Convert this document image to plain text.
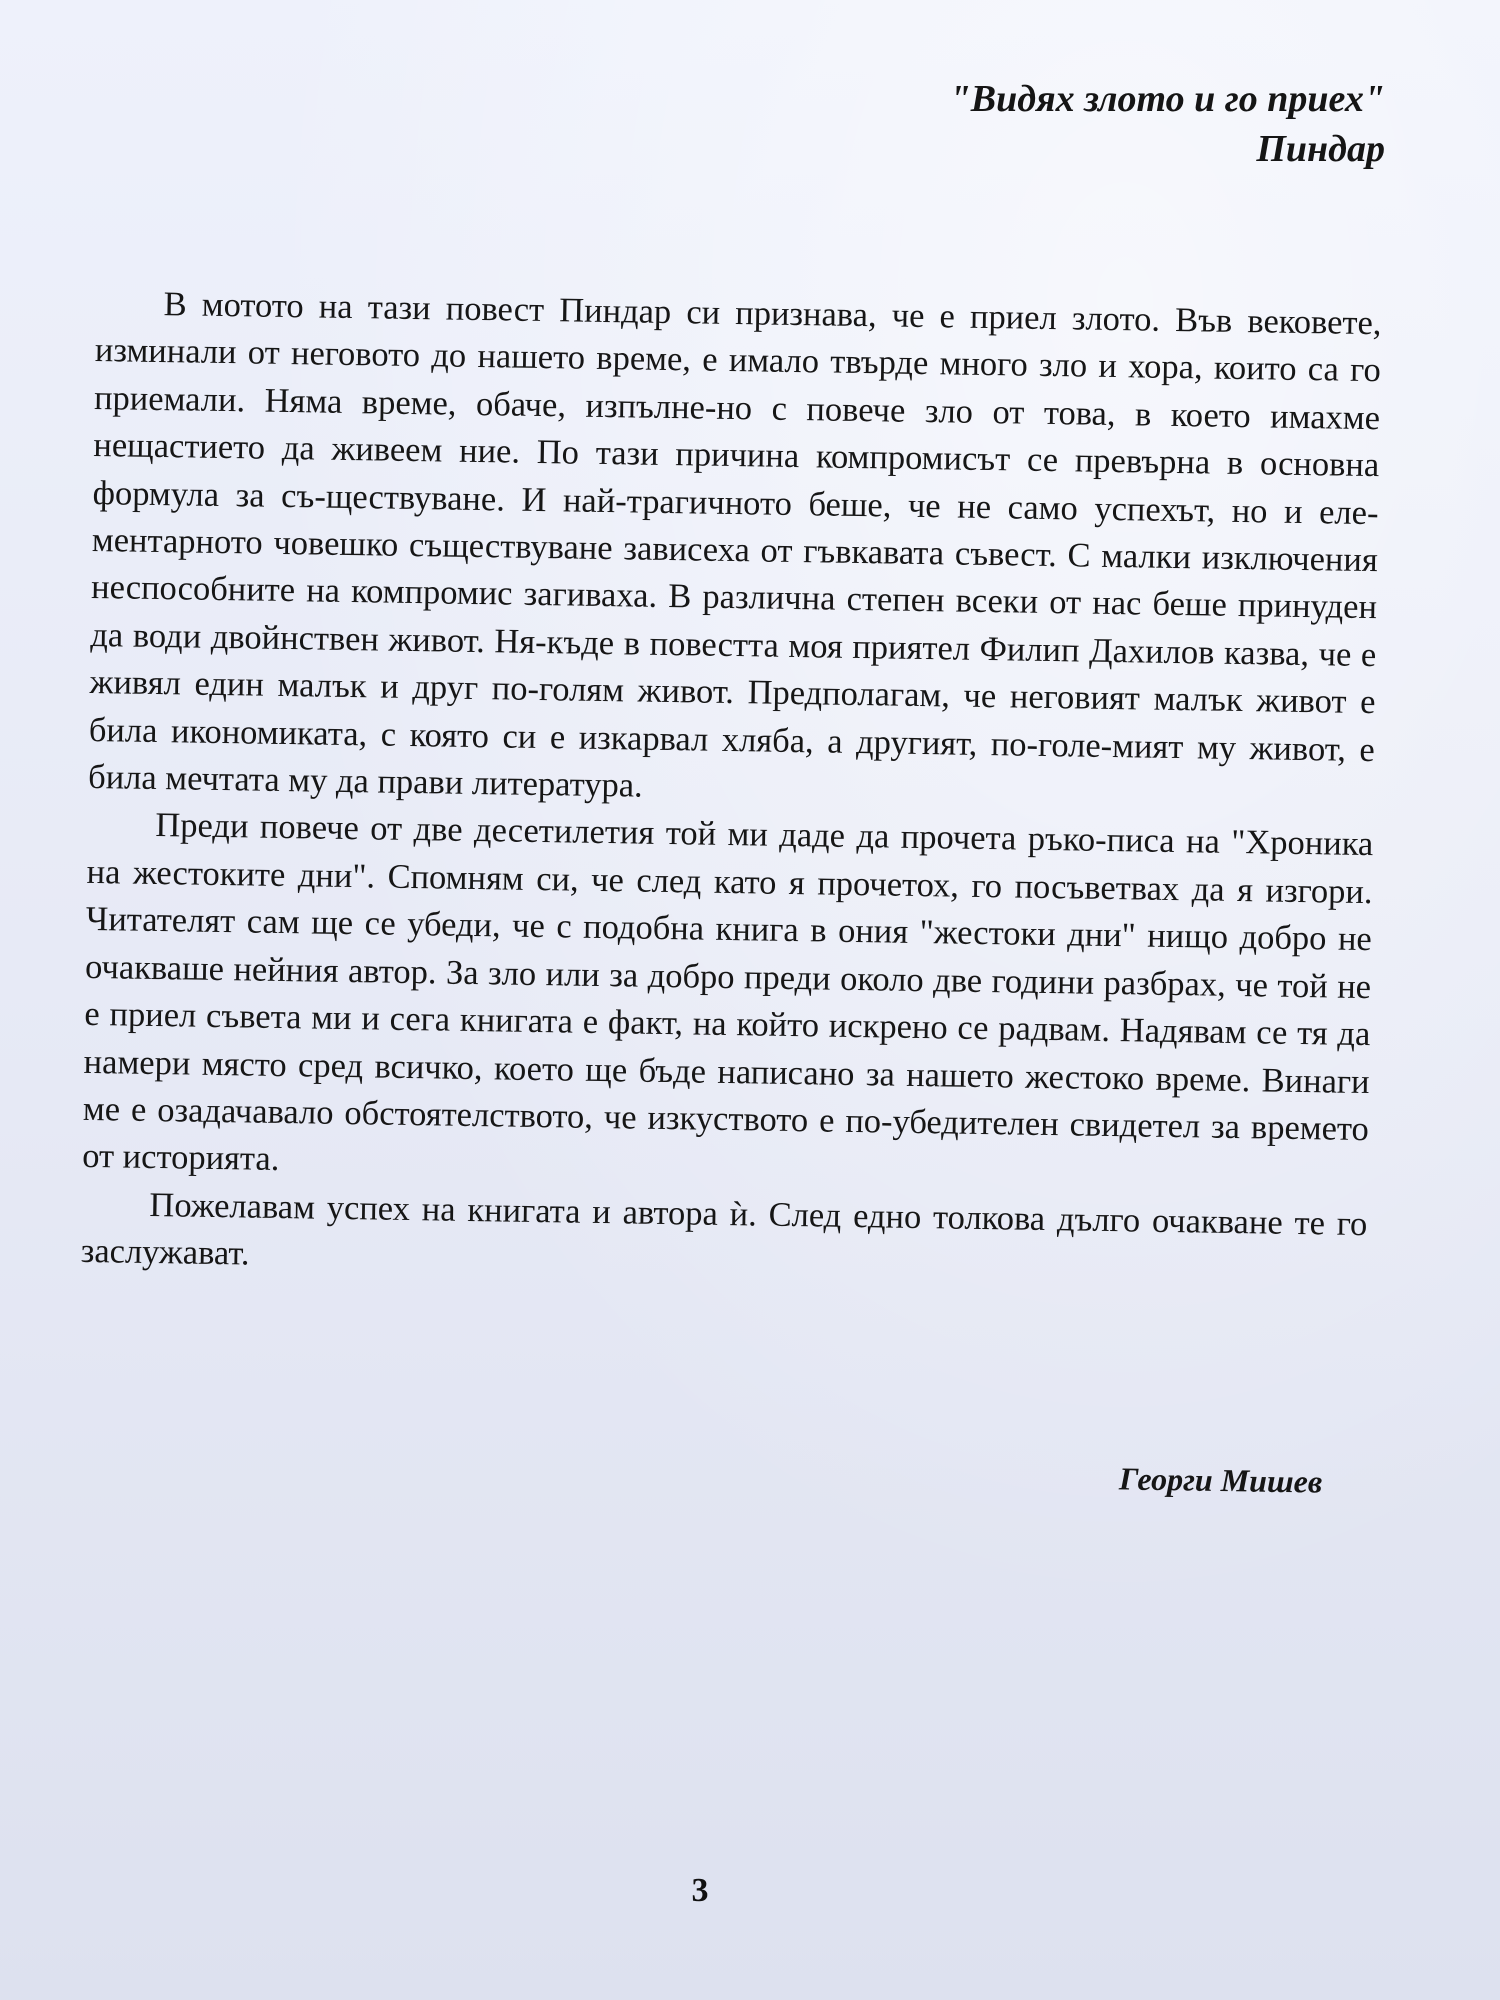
"Видях злото и го приех"
Пиндар

В мотото на тази повест Пиндар си признава, че е приел злото. Във вековете, изминали от неговото до нашето време, е имало твърде много зло и хора, които са го приемали. Няма време, обаче, изпълне-но с повече зло от това, в което имахме нещастието да живеем ние. По тази причина компромисът се превърна в основна формула за съ-ществуване. И най-трагичното беше, че не само успехът, но и еле-ментарното човешко съществуване зависеха от гъвкавата съвест. С малки изключения неспособните на компромис загиваха. В различна степен всеки от нас беше принуден да води двойнствен живот. Ня-къде в повестта моя приятел Филип Дахилов казва, че е живял един малък и друг по-голям живот. Предполагам, че неговият малък живот е била икономиката, с която си е изкарвал хляба, а другият, по-голе-мият му живот, е била мечтата му да прави литература.

Преди повече от две десетилетия той ми даде да прочета ръко-писа на "Хроника на жестоките дни". Спомням си, че след като я прочетох, го посъветвах да я изгори. Читателят сам ще се убеди, че с подобна книга в ония "жестоки дни" нищо добро не очакваше нейния автор. За зло или за добро преди около две години разбрах, че той не е приел съвета ми и сега книгата е факт, на който искрено се радвам. Надявам се тя да намери място сред всичко, което ще бъде написано за нашето жестоко време. Винаги ме е озадачавало обстоятелството, че изкуството е по-убедителен свидетел за времето от историята.

Пожелавам успех на книгата и автора ѝ. След едно толкова дълго очакване те го заслужават.

Георги Мишев
3
